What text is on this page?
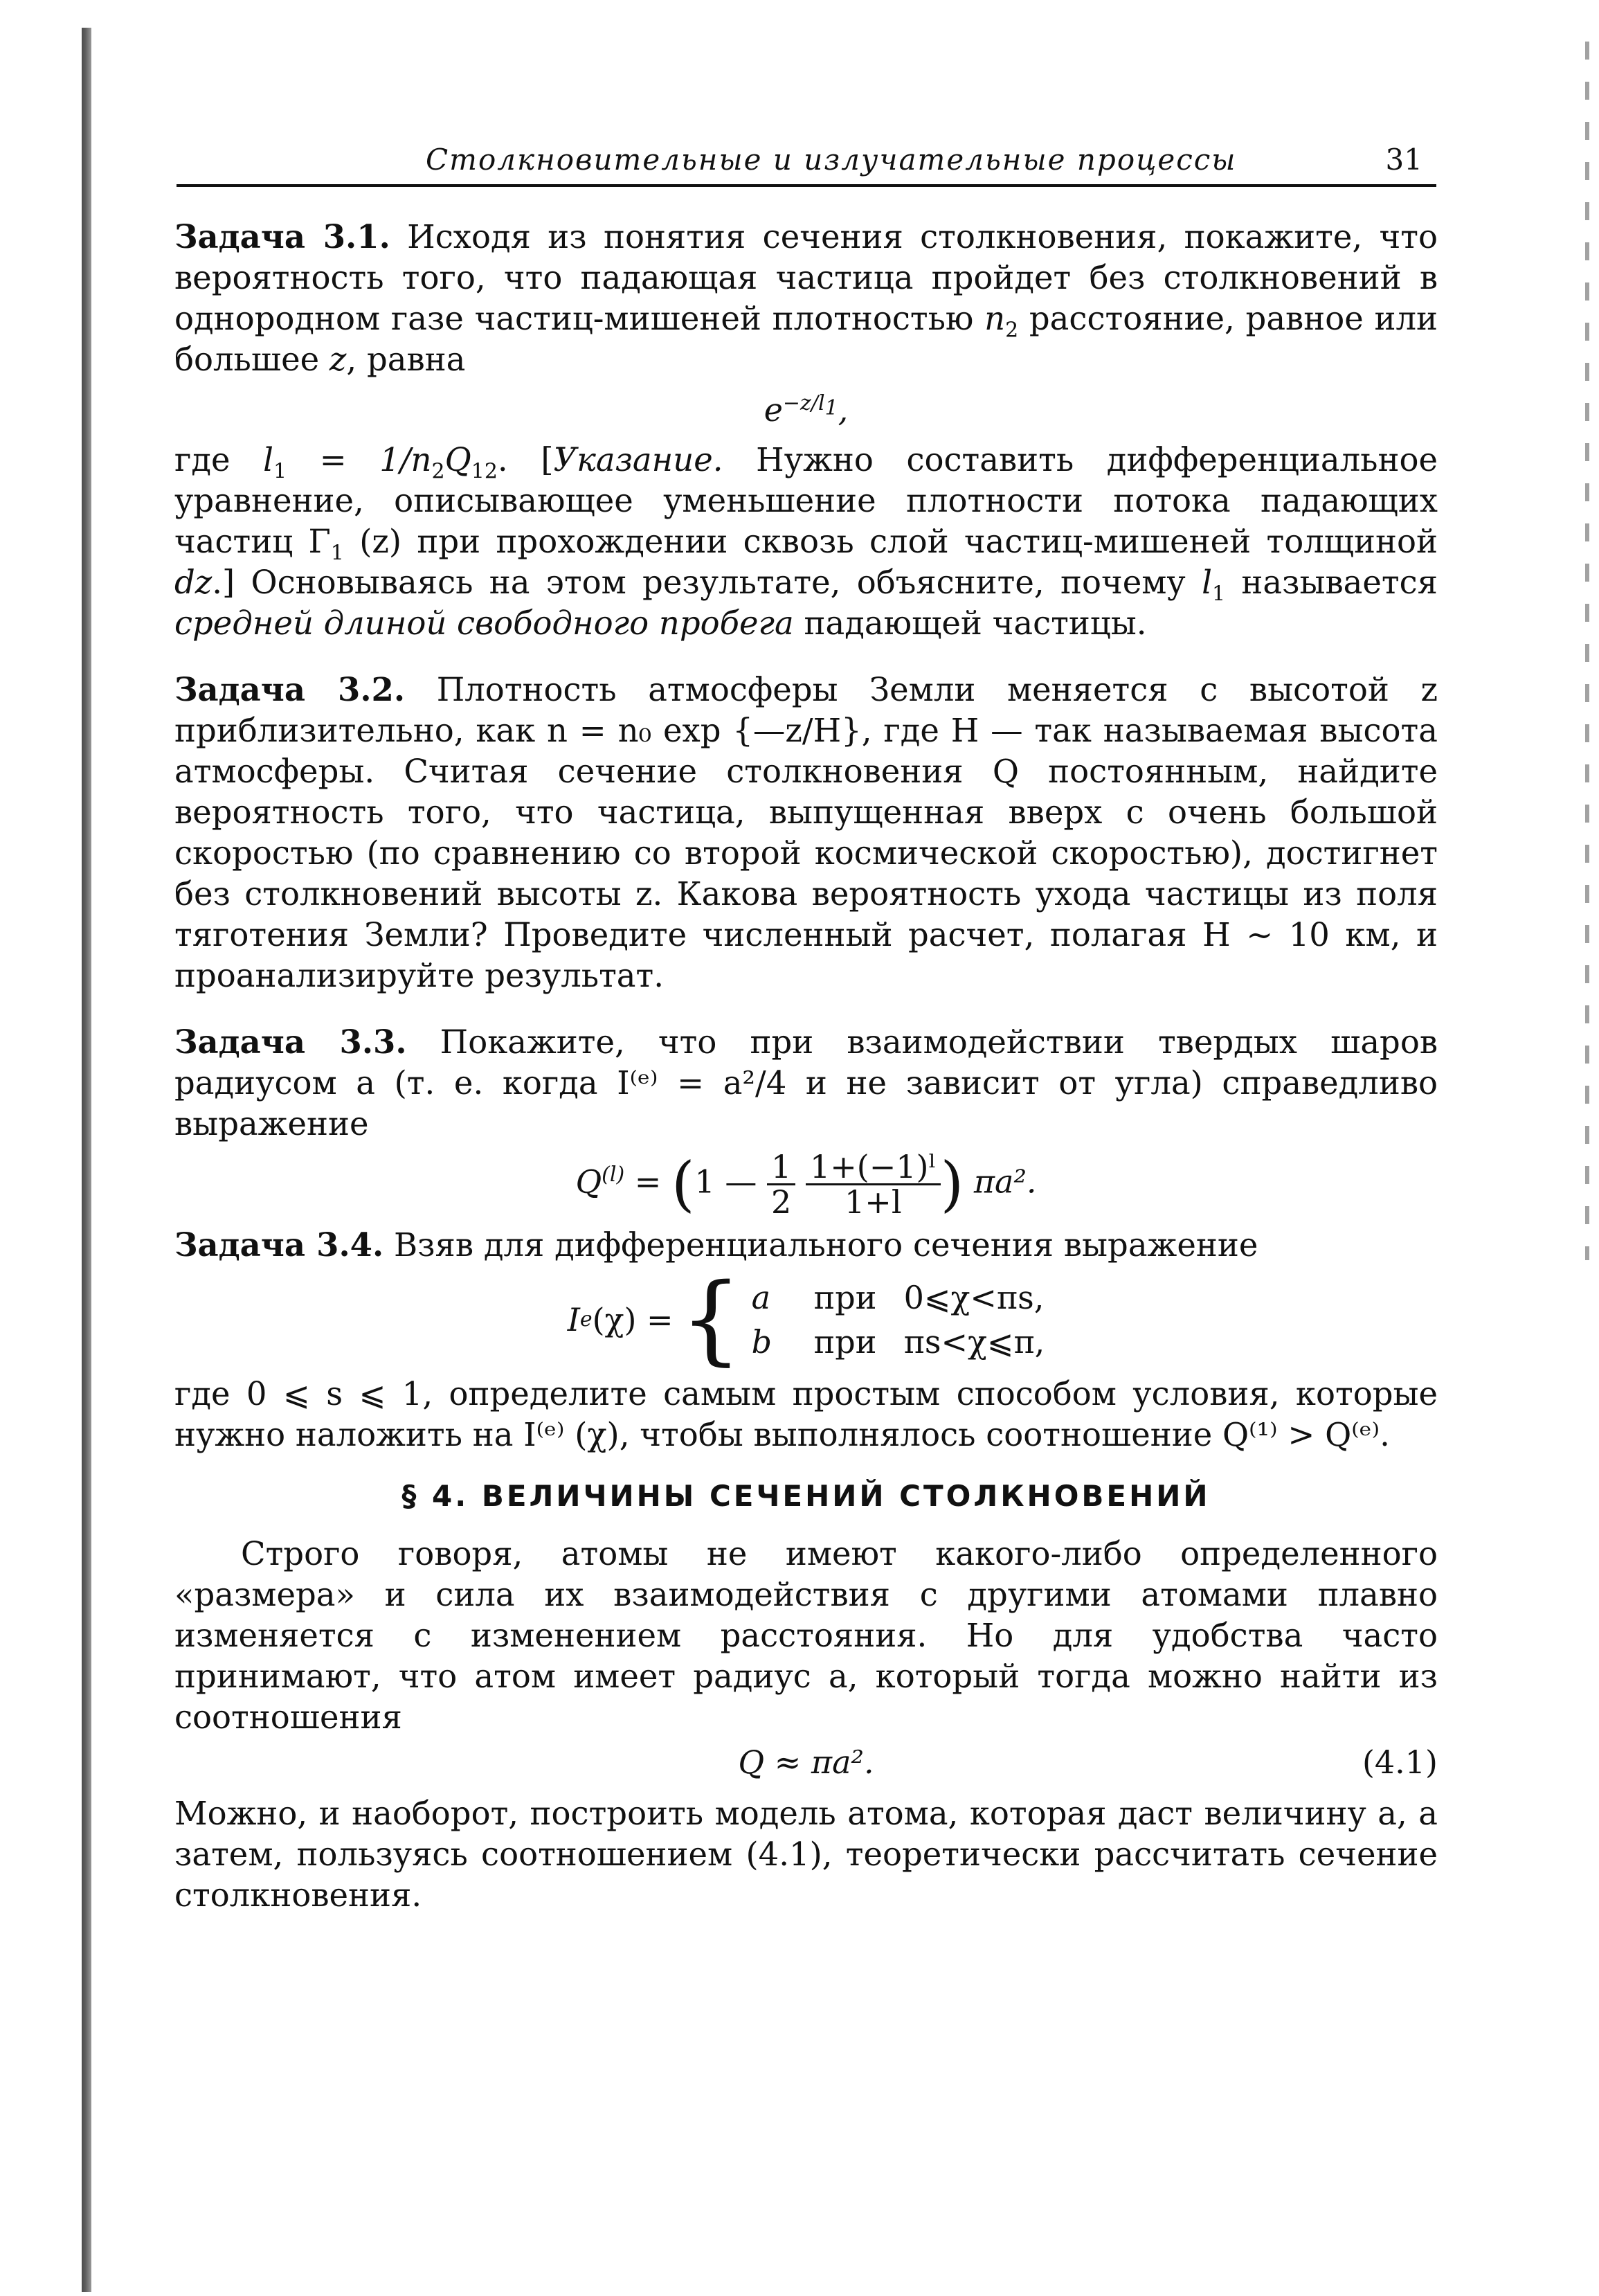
Столкновительные и излучательные процессы	31

Задача 3.1. Исходя из понятия сечения столкновения, покажите, что вероятность того, что падающая частица пройдет без столкновений в однородном газе частиц-мишеней плотностью $n_2$ расстояние, равное или большее z, равна

$e^{-z/l_1}$,

где $l_1 = 1/n_2Q_{12}$. [Указание. Нужно составить дифференциальное уравнение, описывающее уменьшение плотности потока падающих частиц $\Gamma_1$ (z) при прохождении сквозь слой частиц-мишеней толщиной dz.] Основываясь на этом результате, объясните, почему $l_1$ называется средней длиной свободного пробега падающей частицы.

Задача 3.2. Плотность атмосферы Земли меняется с высотой z приблизительно, как n = n₀ exp {—z/H}, где H — так называемая высота атмосферы. Считая сечение столкновения Q постоянным, найдите вероятность того, что частица, выпущенная вверх с очень большой скоростью (по сравнению со второй космической скоростью), достигнет без столкновений высоты z. Какова вероятность ухода частицы из поля тяготения Земли? Проведите численный расчет, полагая H ∼ 10 км, и проанализируйте результат.

Задача 3.3. Покажите, что при взаимодействии твердых шаров радиусом a (т. е. когда I⁽ᵉ⁾ = a²/4 и не зависит от угла) справедливо выражение

$Q^{(l)} = (1$ — $\frac{1}{2}$
$\frac{\text{1+(−1)ˡ}}{1+l}$ ) πa².

Задача 3.4. Взяв для дифференциального сечения выражение

I e (χ) = { a при 0⩽χ<πs,
b при πs<χ⩽π,

где 0 ⩽ s ⩽ 1, определите самым простым способом условия, которые нужно наложить на I⁽ᵉ⁾ (χ), чтобы выполнялось соотношение Q⁽¹⁾ > Q⁽ᵉ⁾.

§ 4. ВЕЛИЧИНЫ СЕЧЕНИЙ СТОЛКНОВЕНИЙ

Строго говоря, атомы не имеют какого-либо определенного «размера» и сила их взаимодействия с другими атомами плавно изменяется с изменением расстояния. Но для удобства часто принимают, что атом имеет радиус a, который тогда можно найти из соотношения

Q ≈ πa².	(4.1)

Можно, и наоборот, построить модель атома, которая даст величину a, а затем, пользуясь соотношением (4.1), теоретически рассчитать сечение столкновения.
